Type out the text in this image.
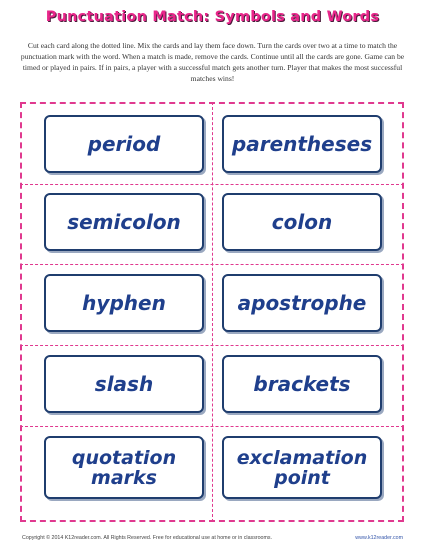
Punctuation Match: Symbols and Words
Cut each card along the dotted line. Mix the cards and lay them face down. Turn the cards over two at a time to match the punctuation mark with the word. When a match is made, remove the cards. Continue until all the cards are gone. Game can be timed or played in pairs. If in pairs, a player with a successful match gets another turn. Player that makes the most successful matches wins!
period	parentheses
semicolon	colon
hyphen	apostrophe
slash	brackets
quotation
marks
exclamation
point
Copyright © 2014 K12reader.com. All Rights Reserved. Free for educational use at home or in classrooms.	www.k12reader.com
